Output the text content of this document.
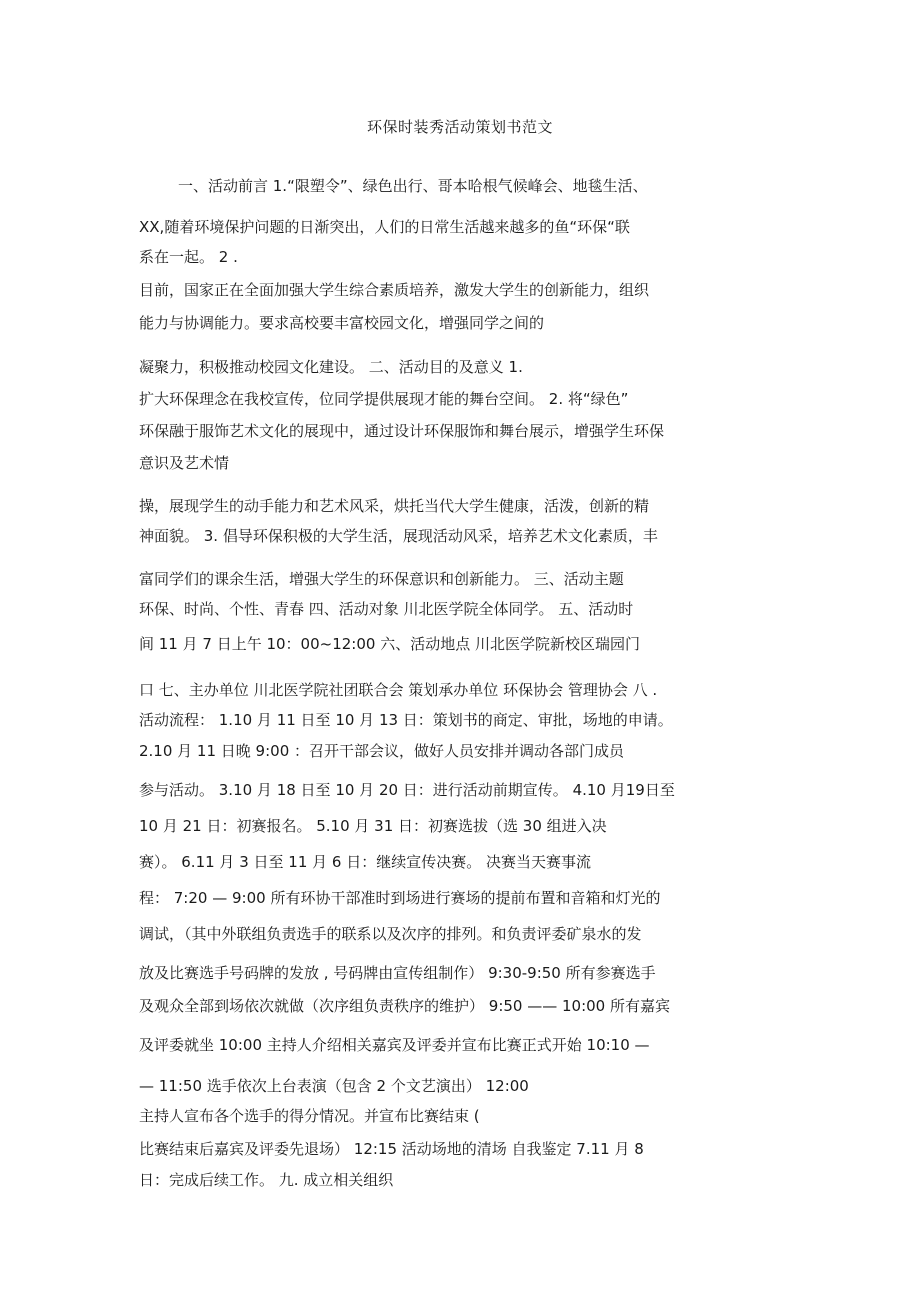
环保时装秀活动策划书范文
一、活动前言 1.“限塑令”、绿色出行、哥本哈根气候峰会、地毯生活、
XX,随着环境保护问题的日渐突出，人们的日常生活越来越多的鱼“环保“联
系在一起。 2 .
目前，国家正在全面加强大学生综合素质培养，激发大学生的创新能力，组织
能力与协调能力。要求高校要丰富校园文化，增强同学之间的
凝聚力，积极推动校园文化建设。 二、活动目的及意义 1.
扩大环保理念在我校宣传，位同学提供展现才能的舞台空间。 2. 将“绿色”
环保融于服饰艺术文化的展现中，通过设计环保服饰和舞台展示，增强学生环保
意识及艺术情
操，展现学生的动手能力和艺术风采，烘托当代大学生健康，活泼，创新的精
神面貌。 3. 倡导环保积极的大学生活，展现活动风采，培养艺术文化素质，丰
富同学们的课余生活，增强大学生的环保意识和创新能力。 三、活动主题
环保、时尚、个性、青春 四、活动对象 川北医学院全体同学。 五、活动时
间 11 月 7 日上午 10：00~12:00 六、活动地点 川北医学院新校区瑞园门
口 七、主办单位 川北医学院社团联合会 策划承办单位 环保协会 管理协会 八 .
活动流程： 1.10 月 11 日至 10 月 13 日：策划书的商定、审批，场地的申请。
2.10 月 11 日晚 9:00 ：召开干部会议，做好人员安排并调动各部门成员
参与活动。 3.10 月 18 日至 10 月 20 日：进行活动前期宣传。 4.10 月19日至
10 月 21 日：初赛报名。 5.10 月 31 日：初赛选拔（选 30 组进入决
赛）。 6.11 月 3 日至 11 月 6 日：继续宣传决赛。 决赛当天赛事流
程： 7:20 — 9:00 所有环协干部准时到场进行赛场的提前布置和音箱和灯光的
调试，（其中外联组负责选手的联系以及次序的排列。和负责评委矿泉水的发
放及比赛选手号码牌的发放 , 号码牌由宣传组制作） 9:30-9:50 所有参赛选手
及观众全部到场依次就做（次序组负责秩序的维护） 9:50 —— 10:00 所有嘉宾
及评委就坐 10:00 主持人介绍相关嘉宾及评委并宣布比赛正式开始 10:10 —
— 11:50 选手依次上台表演（包含 2 个文艺演出） 12:00
主持人宣布各个选手的得分情况。并宣布比赛结束 (
比赛结束后嘉宾及评委先退场） 12:15 活动场地的清场 自我鉴定 7.11 月 8
日：完成后续工作。 九. 成立相关组织
